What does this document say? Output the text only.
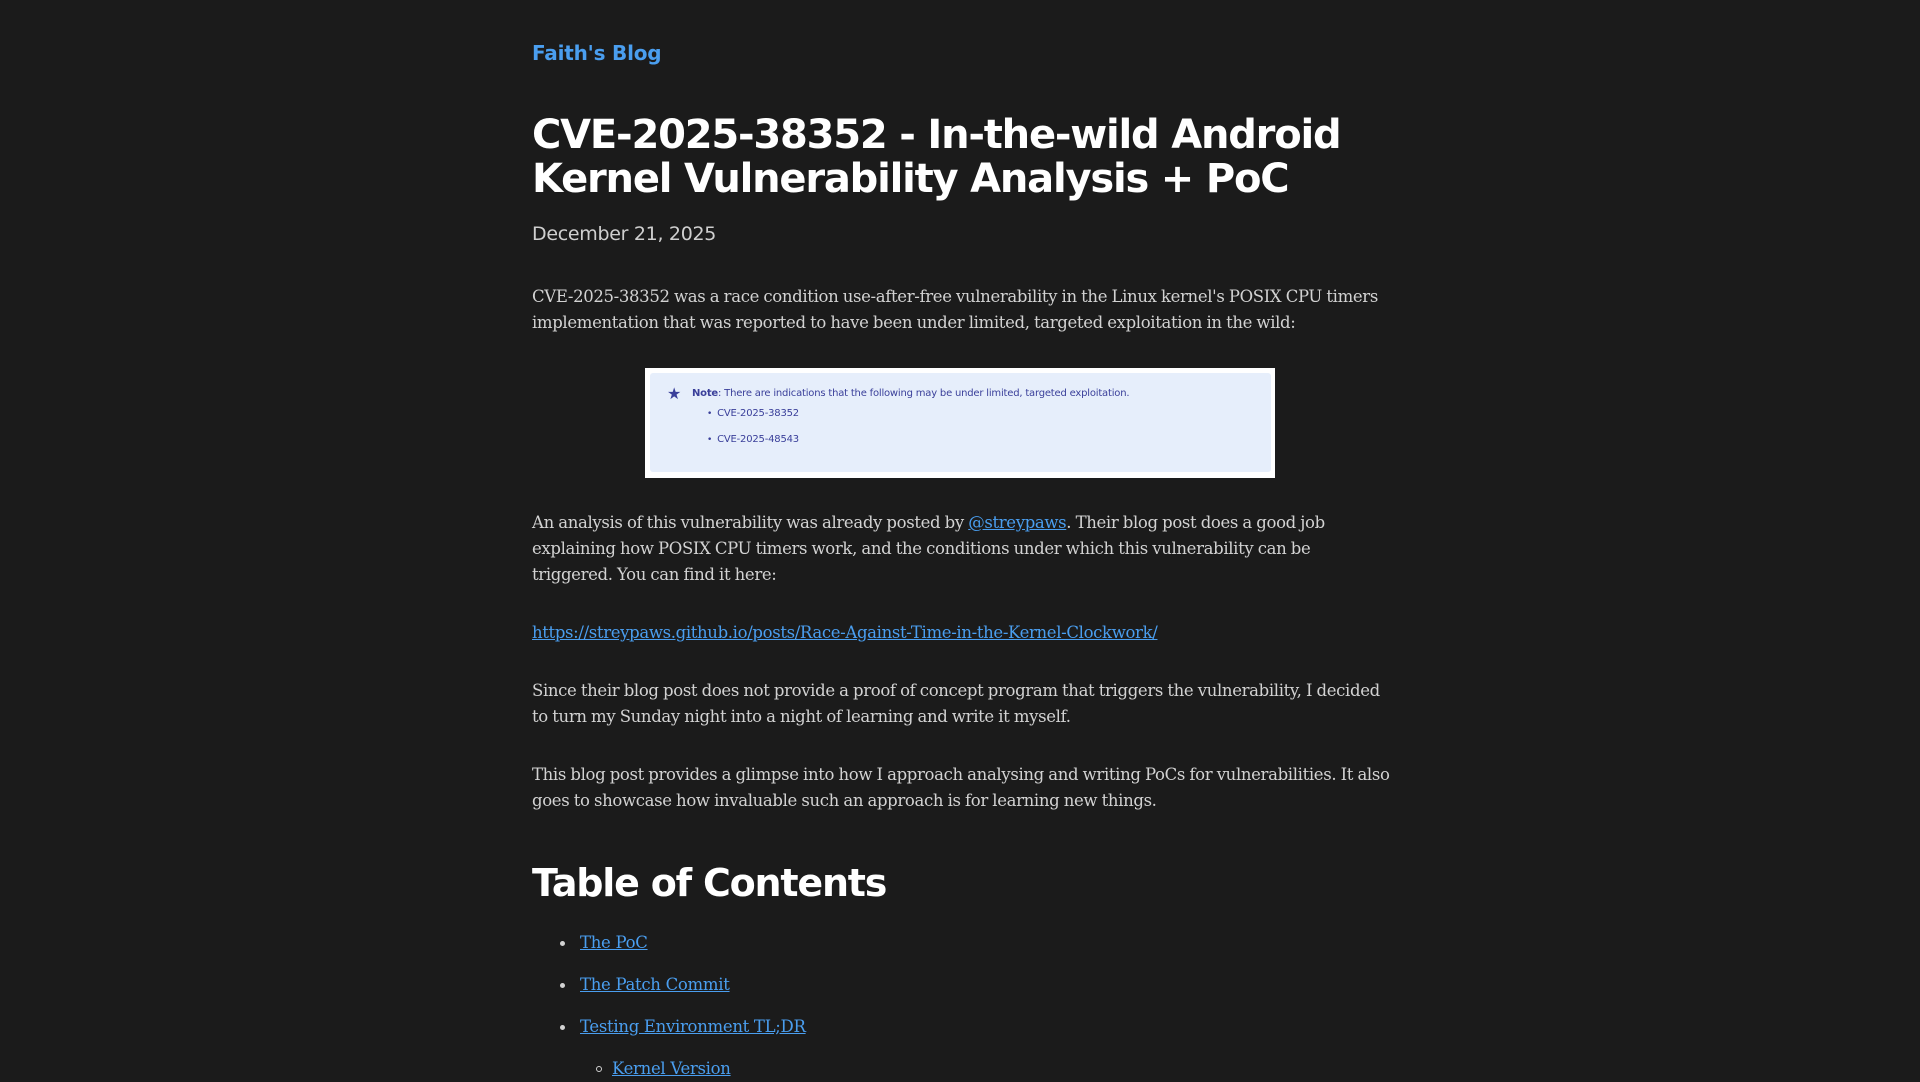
Faith's Blog
CVE-2025-38352 - In-the-wild Android Kernel Vulnerability Analysis + PoC
December 21, 2025

CVE-2025-38352 was a race condition use-after-free vulnerability in the Linux kernel's POSIX CPU timers implementation that was reported to have been under limited, targeted exploitation in the wild:

★ Note: There are indications that the following may be under limited, targeted exploitation.
• CVE-2025-38352
• CVE-2025-48543

An analysis of this vulnerability was already posted by @streypaws. Their blog post does a good job explaining how POSIX CPU timers work, and the conditions under which this vulnerability can be triggered. You can find it here:

https://streypaws.github.io/posts/Race-Against-Time-in-the-Kernel-Clockwork/

Since their blog post does not provide a proof of concept program that triggers the vulnerability, I decided to turn my Sunday night into a night of learning and write it myself.

This blog post provides a glimpse into how I approach analysing and writing PoCs for vulnerabilities. It also goes to showcase how invaluable such an approach is for learning new things.

Table of Contents
The PoC
The Patch Commit
Testing Environment TL;DR
Kernel Version
